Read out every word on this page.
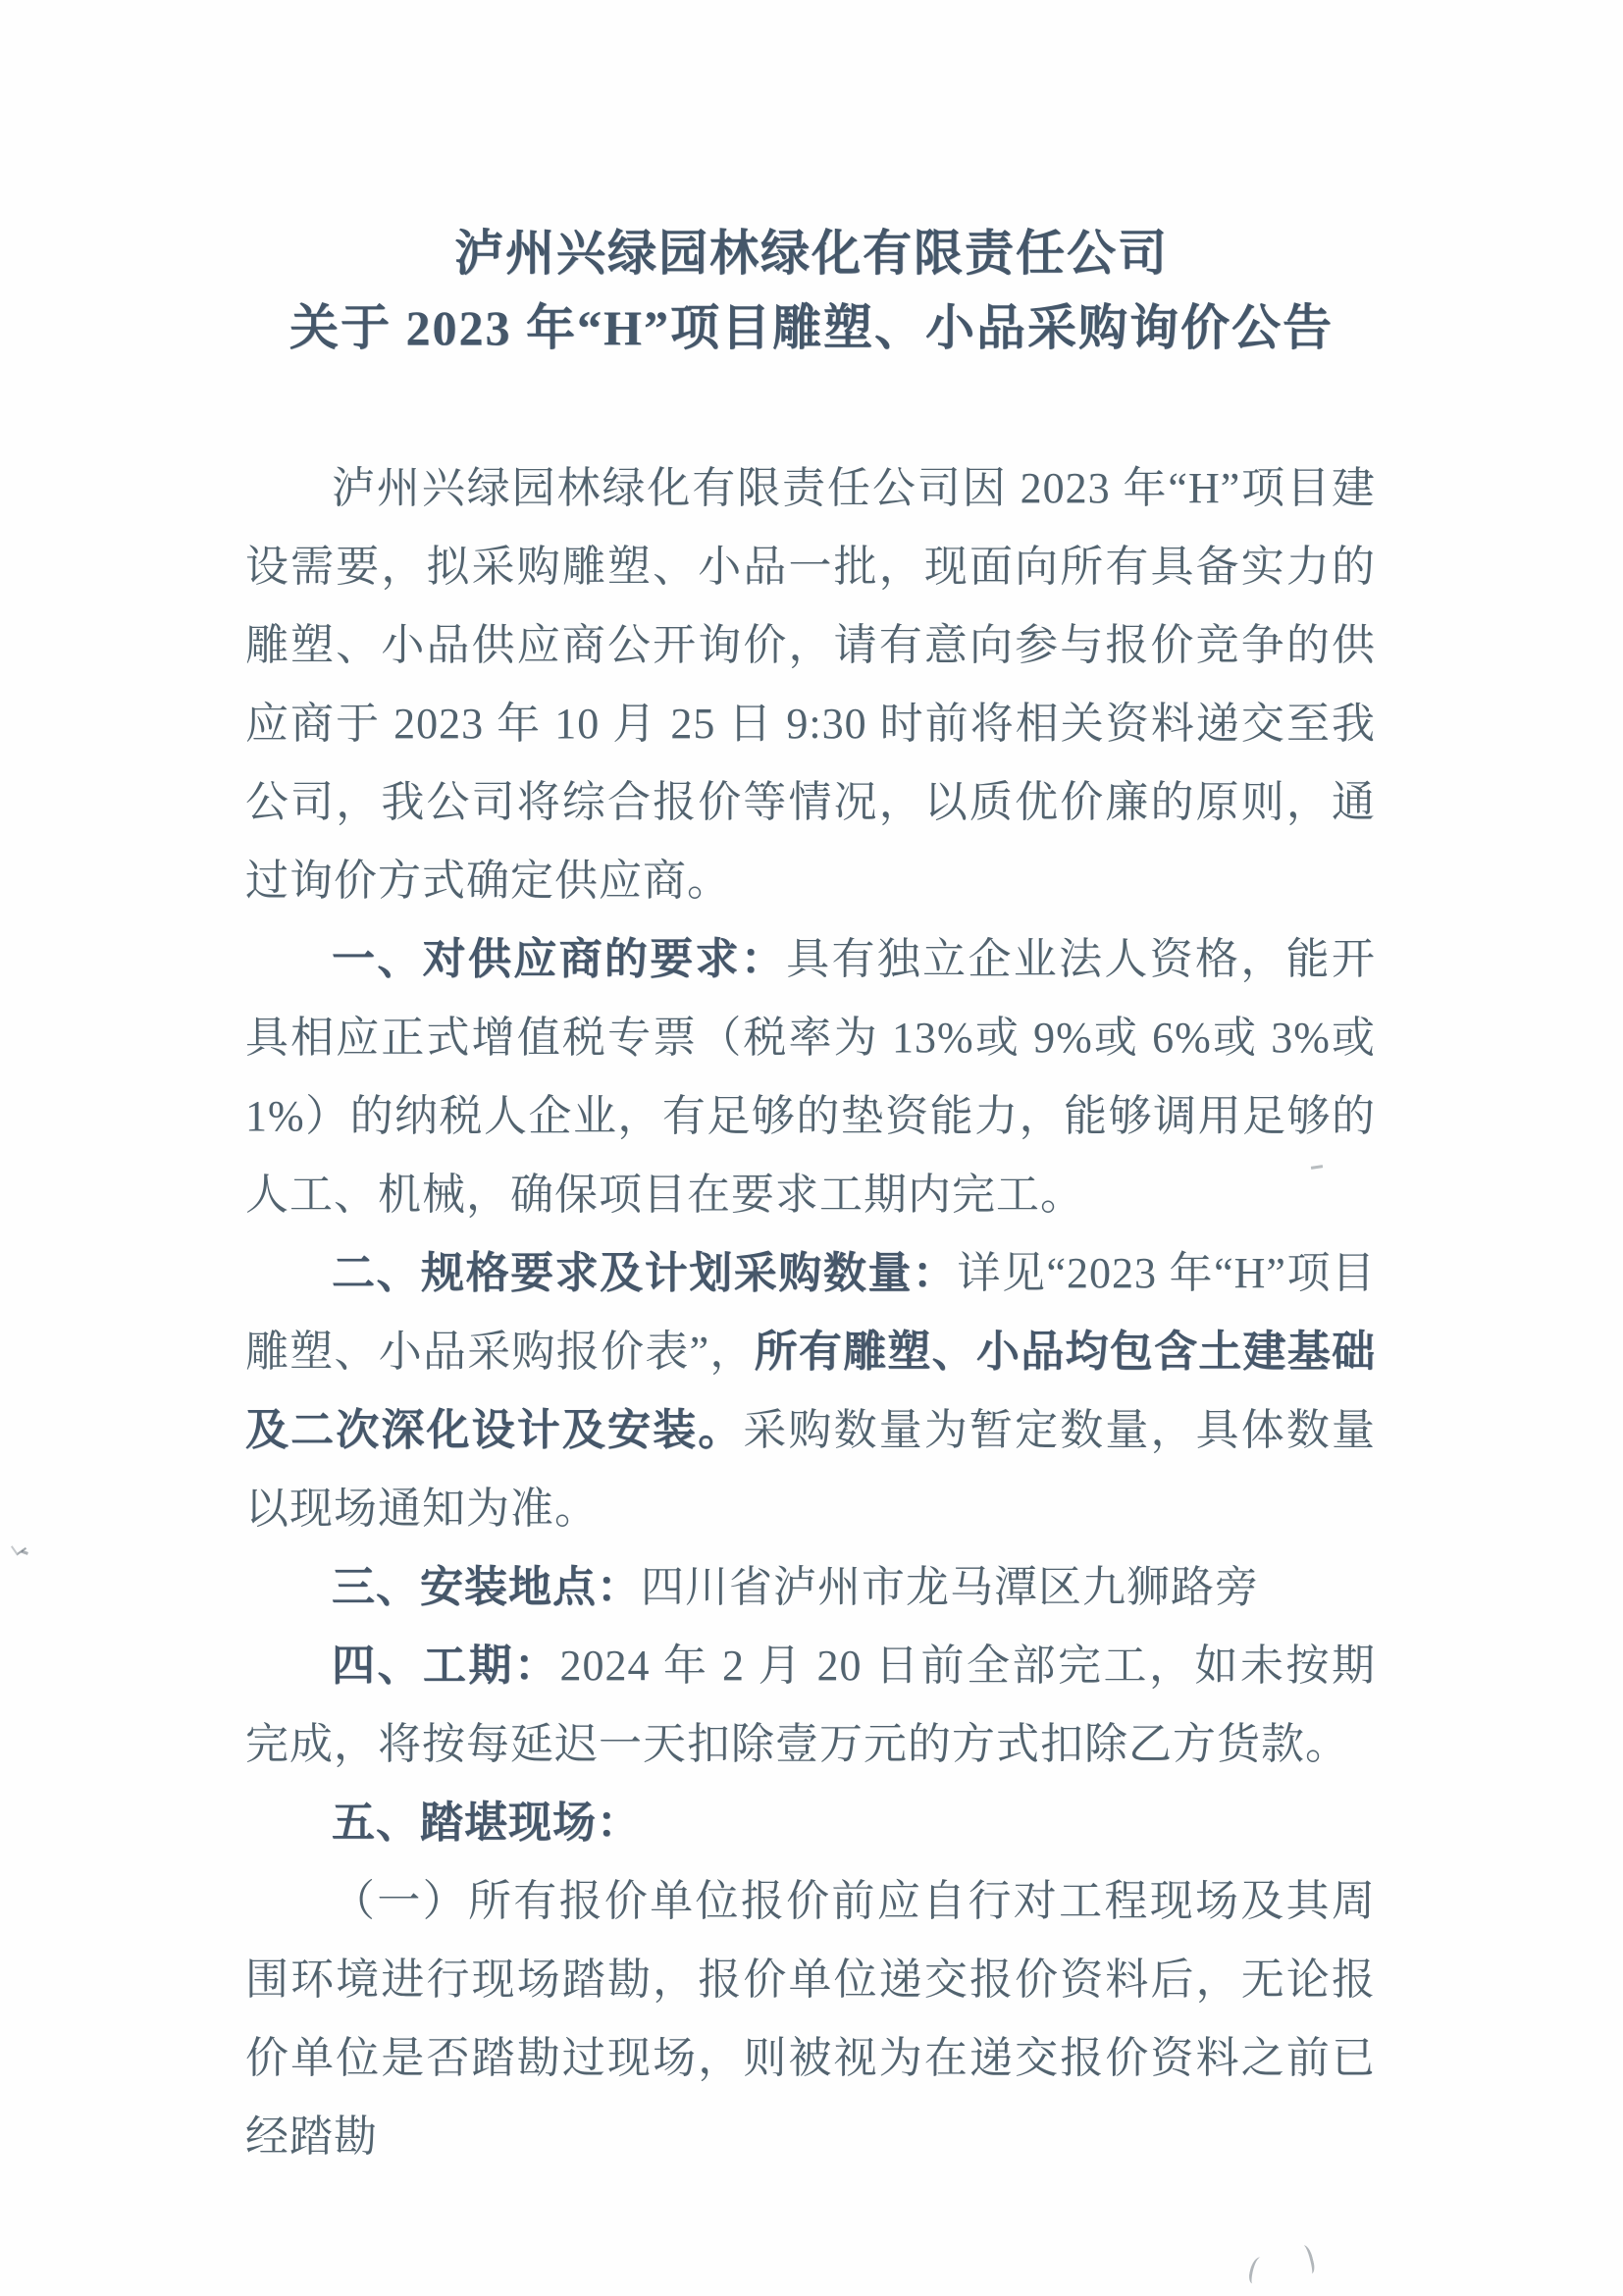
泸州兴绿园林绿化有限责任公司
关于 2023 年“H”项目雕塑、小品采购询价公告

泸州兴绿园林绿化有限责任公司因 2023 年“H”项目建设需要，拟采购雕塑、小品一批，现面向所有具备实力的雕塑、小品供应商公开询价，请有意向参与报价竞争的供应商于 2023 年 10 月 25 日 9:30 时前将相关资料递交至我公司，我公司将综合报价等情况，以质优价廉的原则，通过询价方式确定供应商。

一、对供应商的要求：具有独立企业法人资格，能开具相应正式增值税专票（税率为 13%或 9%或 6%或 3%或 1%）的纳税人企业，有足够的垫资能力，能够调用足够的人工、机械，确保项目在要求工期内完工。

二、规格要求及计划采购数量：详见“2023 年“H”项目雕塑、小品采购报价表”，所有雕塑、小品均包含土建基础及二次深化设计及安装。采购数量为暂定数量，具体数量以现场通知为准。

三、安装地点：四川省泸州市龙马潭区九狮路旁

四、工期：2024 年 2 月 20 日前全部完工，如未按期完成，将按每延迟一天扣除壹万元的方式扣除乙方货款。

五、踏堪现场：

（一）所有报价单位报价前应自行对工程现场及其周围环境进行现场踏勘，报价单位递交报价资料后，无论报价单位是否踏勘过现场，则被视为在递交报价资料之前已经踏勘
